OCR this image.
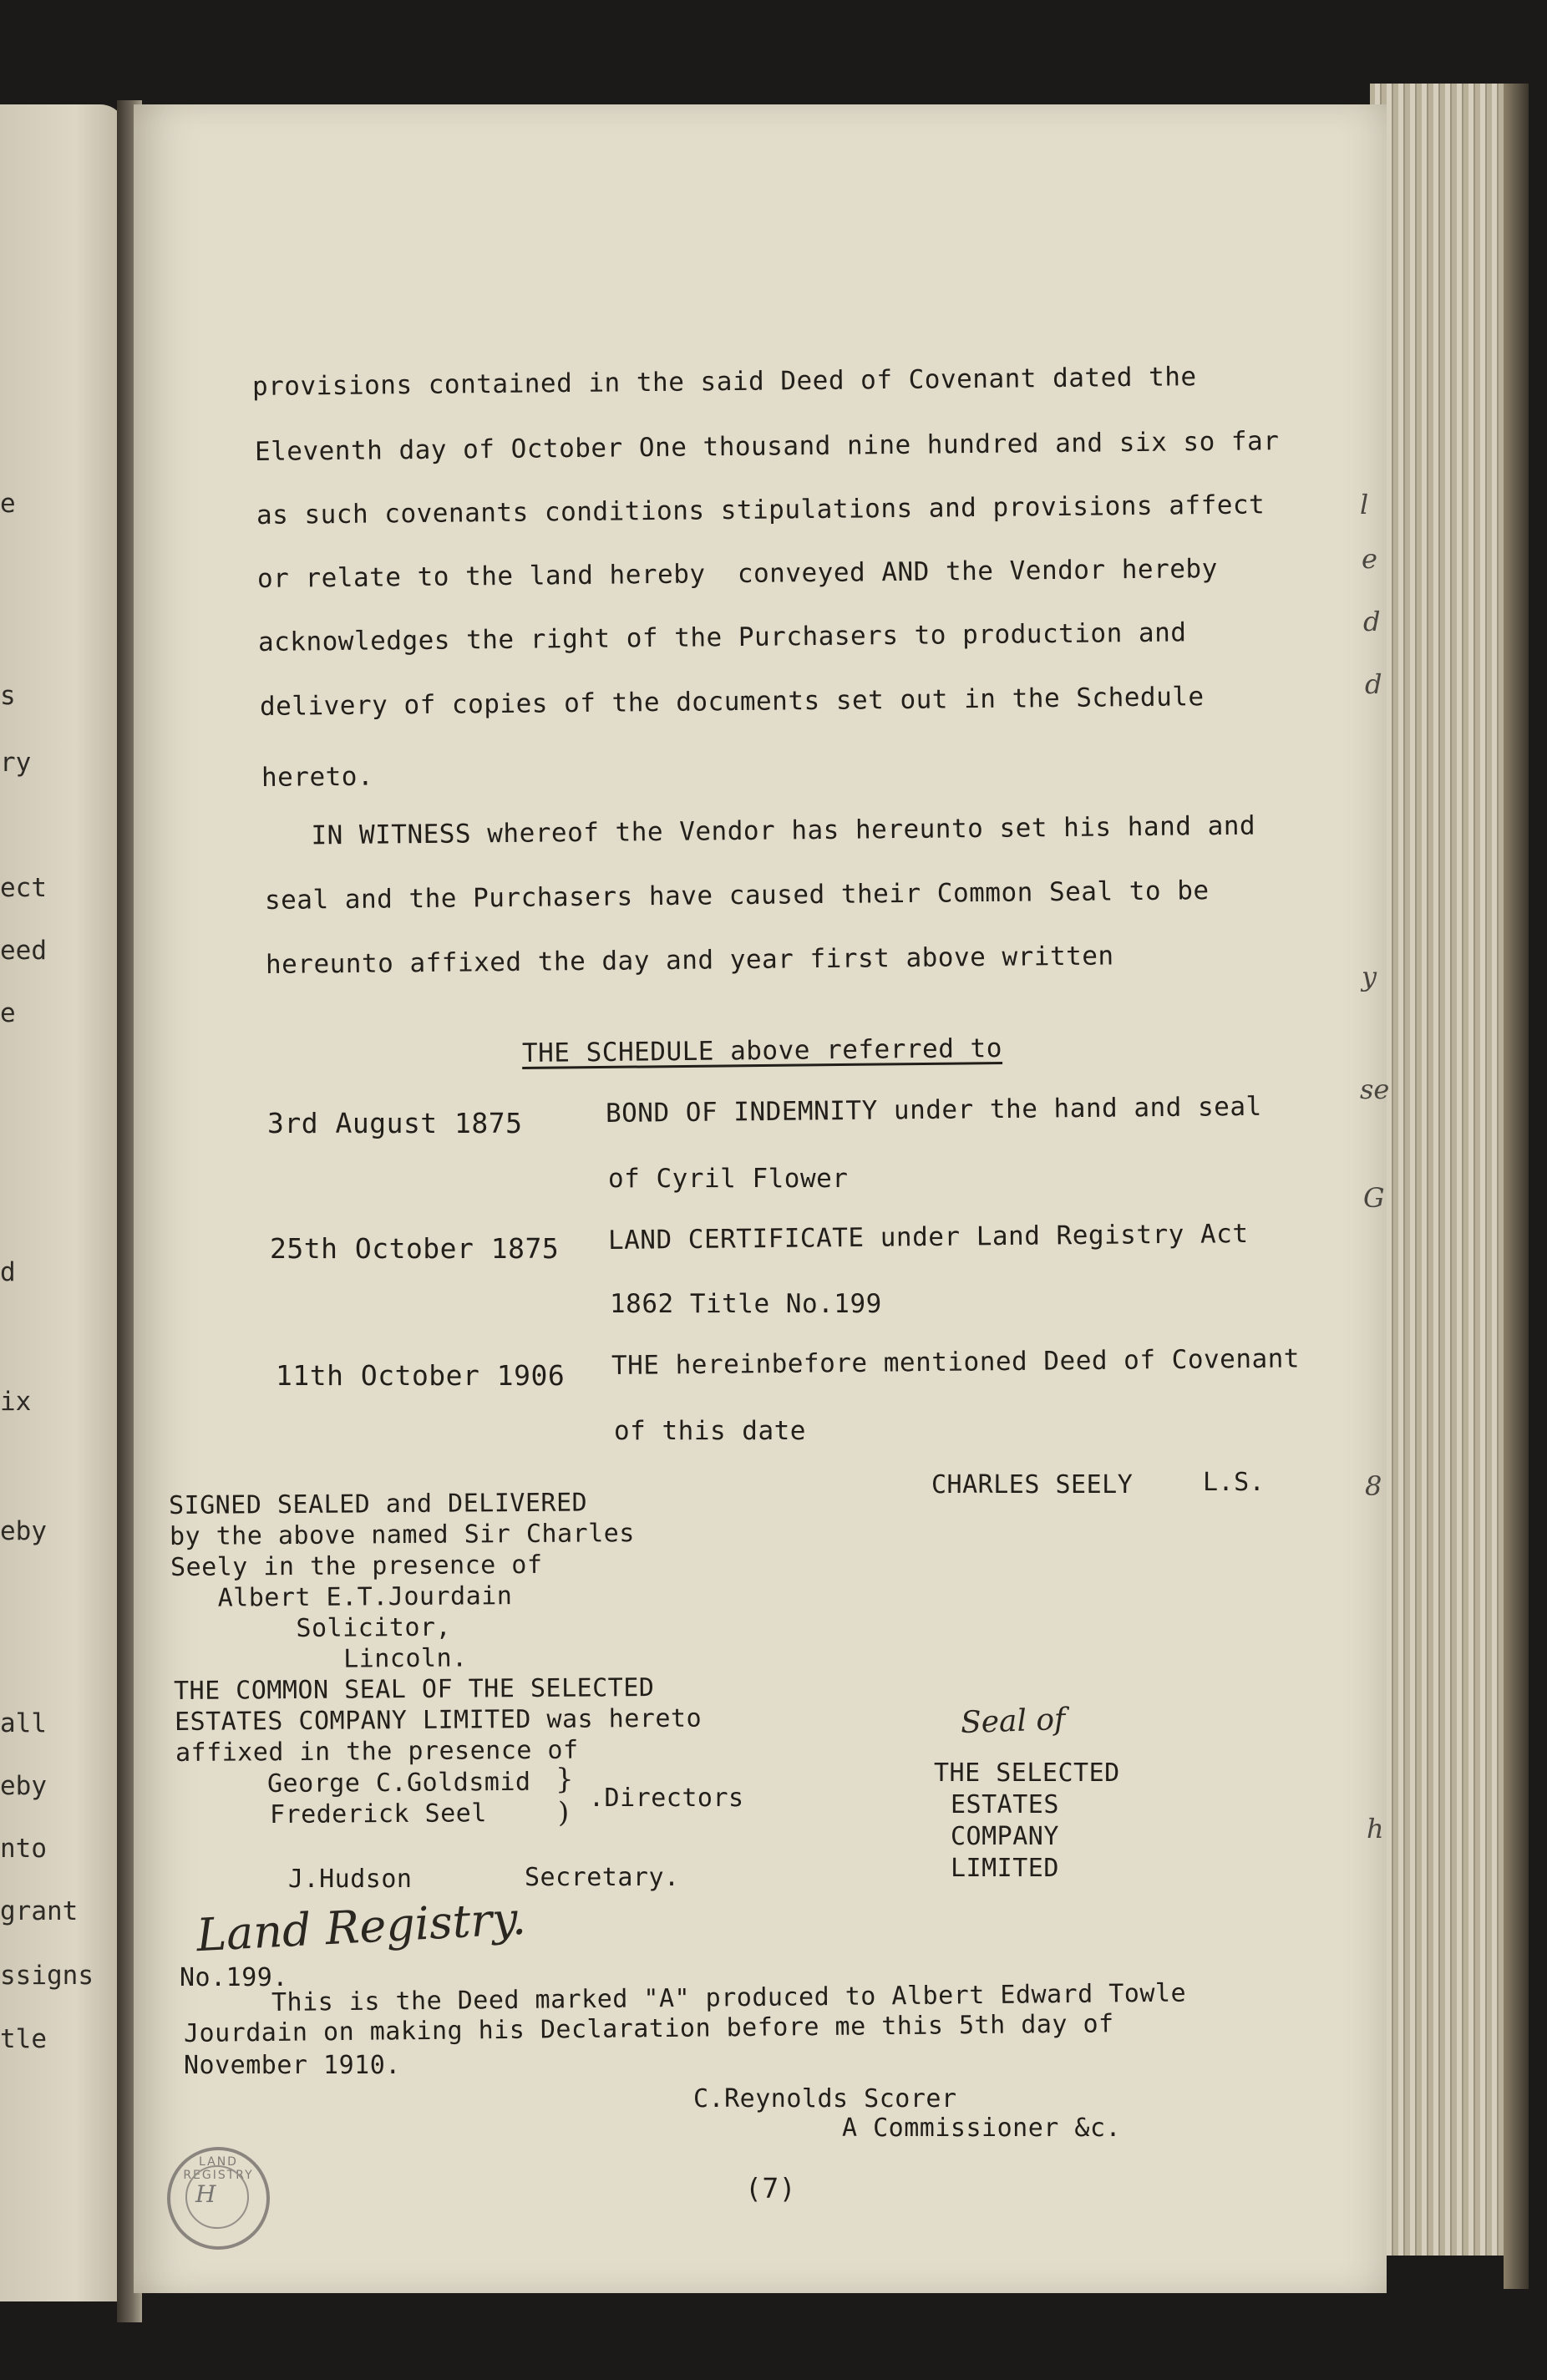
e
s
ry
ect
eed
e
d
ix
eby
all
eby
nto
grant
ssigns
tle
provisions contained in the said Deed of Covenant dated the
Eleventh day of October One thousand nine hundred and six so far
as such covenants conditions stipulations and provisions affect
or relate to the land hereby  conveyed AND the Vendor hereby
acknowledges the right of the Purchasers to production and
delivery of copies of the documents set out in the Schedule
hereto.
IN WITNESS whereof the Vendor has hereunto set his hand and
seal and the Purchasers have caused their Common Seal to be
hereunto affixed the day and year first above written
THE SCHEDULE above referred to
3rd August 1875	BOND OF INDEMNITY under the hand and seal
of Cyril Flower
25th October 1875 LAND CERTIFICATE under Land Registry Act
1862 Title No.199
11th October 1906 THE hereinbefore mentioned Deed of Covenant
of this date
SIGNED SEALED and DELIVERED
by the above named Sir Charles
Seely in the presence of
Albert E.T.Jourdain
Solicitor,
Lincoln.
CHARLES SEELY	L.S.
Seal of
THE SELECTED
ESTATES
COMPANY
LIMITED
THE COMMON SEAL OF THE SELECTED
ESTATES COMPANY LIMITED was hereto
affixed in the presence of
George C.Goldsmid
Frederick Seel
}
) .Directors
J.Hudson	Secretary.
Land Registry.
No.199.
This is the Deed marked "A" produced to Albert Edward Towle
Jourdain on making his Declaration before me this 5th day of
November 1910.
C.Reynolds Scorer
A Commissioner &c.
(7)
l
e
d
d
y
se
G
8
h
LAND REGISTRY
H
